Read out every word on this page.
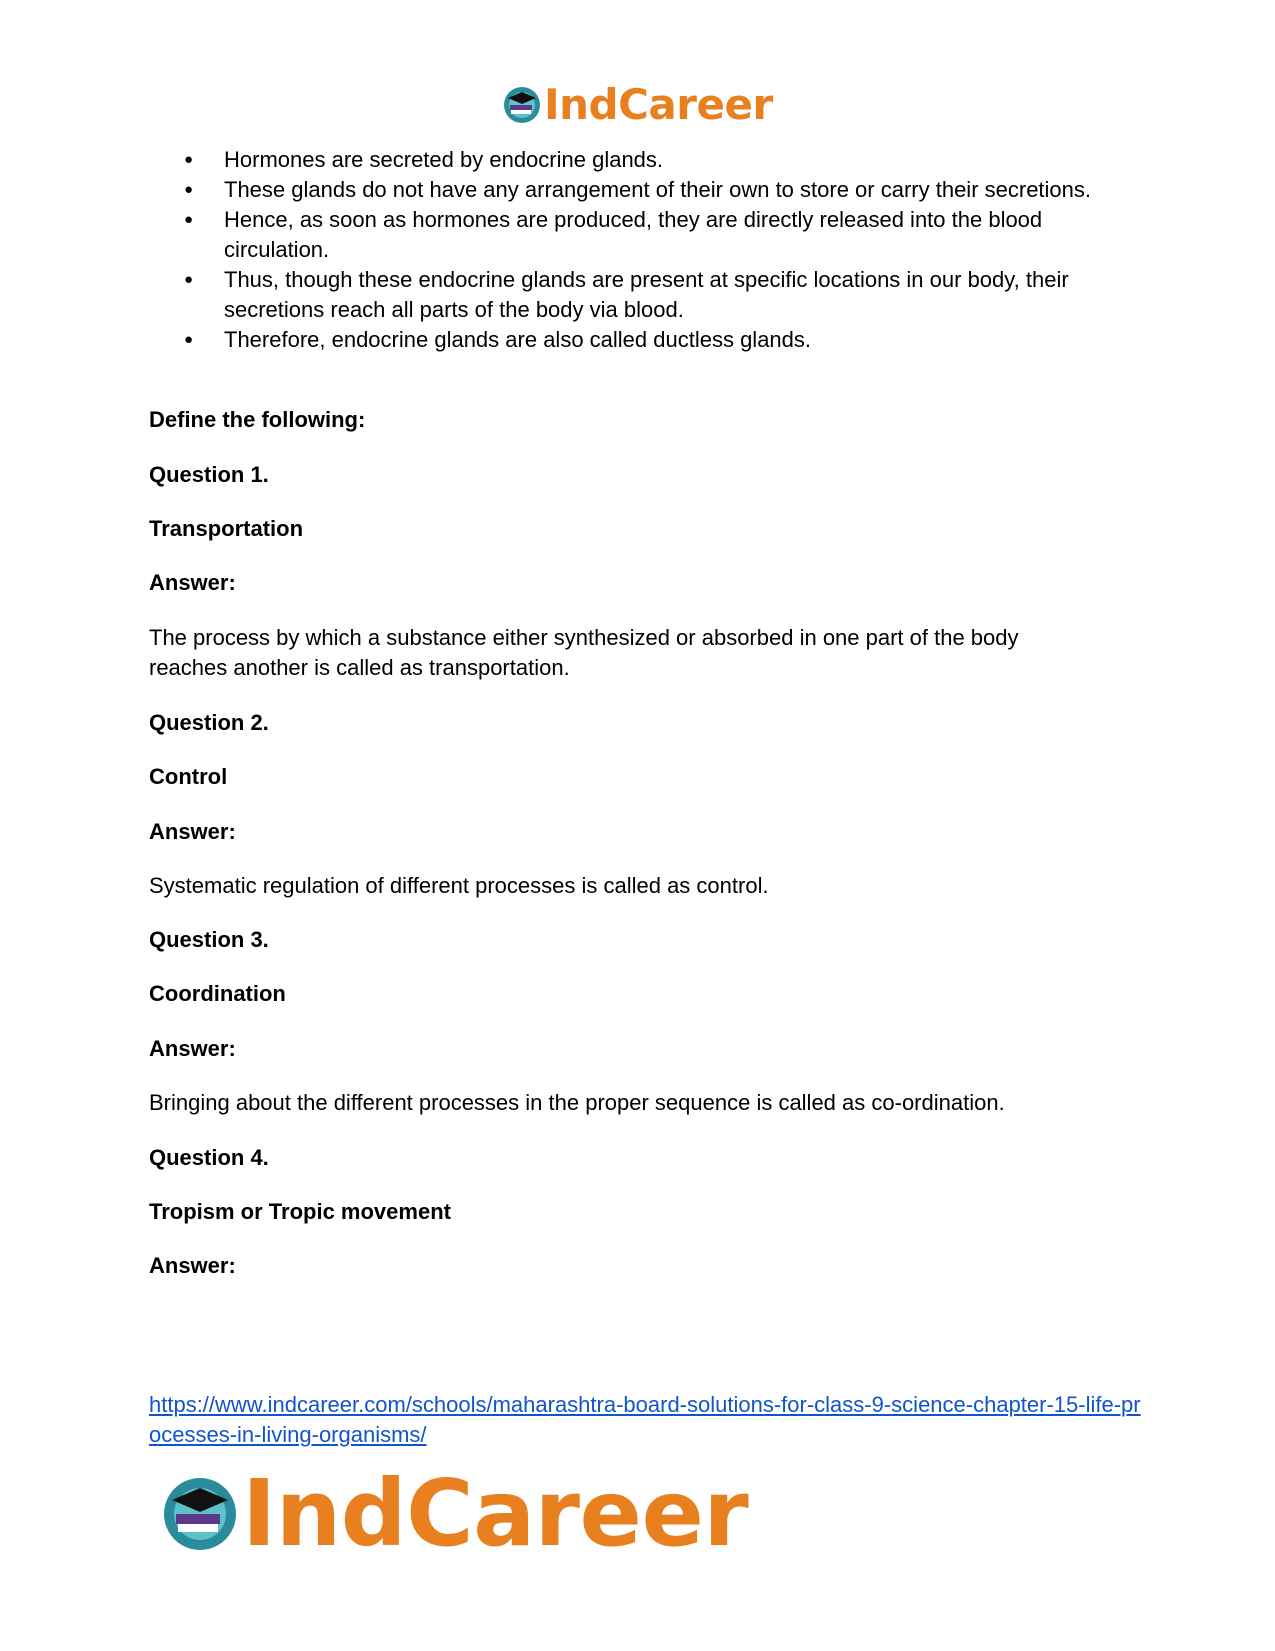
IndCareer
● Hormones are secreted by endocrine glands.
● These glands do not have any arrangement of their own to store or carry their secretions.
● Hence, as soon as hormones are produced, they are directly released into the blood circulation.
● Thus, though these endocrine glands are present at specific locations in our body, their secretions reach all parts of the body via blood.
● Therefore, endocrine glands are also called ductless glands.

Define the following:

Question 1.

Transportation

Answer:

The process by which a substance either synthesized or absorbed in one part of the body reaches another is called as transportation.

Question 2.

Control

Answer:

Systematic regulation of different processes is called as control.

Question 3.

Coordination

Answer:

Bringing about the different processes in the proper sequence is called as co-ordination.

Question 4.

Tropism or Tropic movement

Answer:

https://www.indcareer.com/schools/maharashtra-board-solutions-for-class-9-science-chapter-15-life-processes-in-living-organisms/
IndCareer
